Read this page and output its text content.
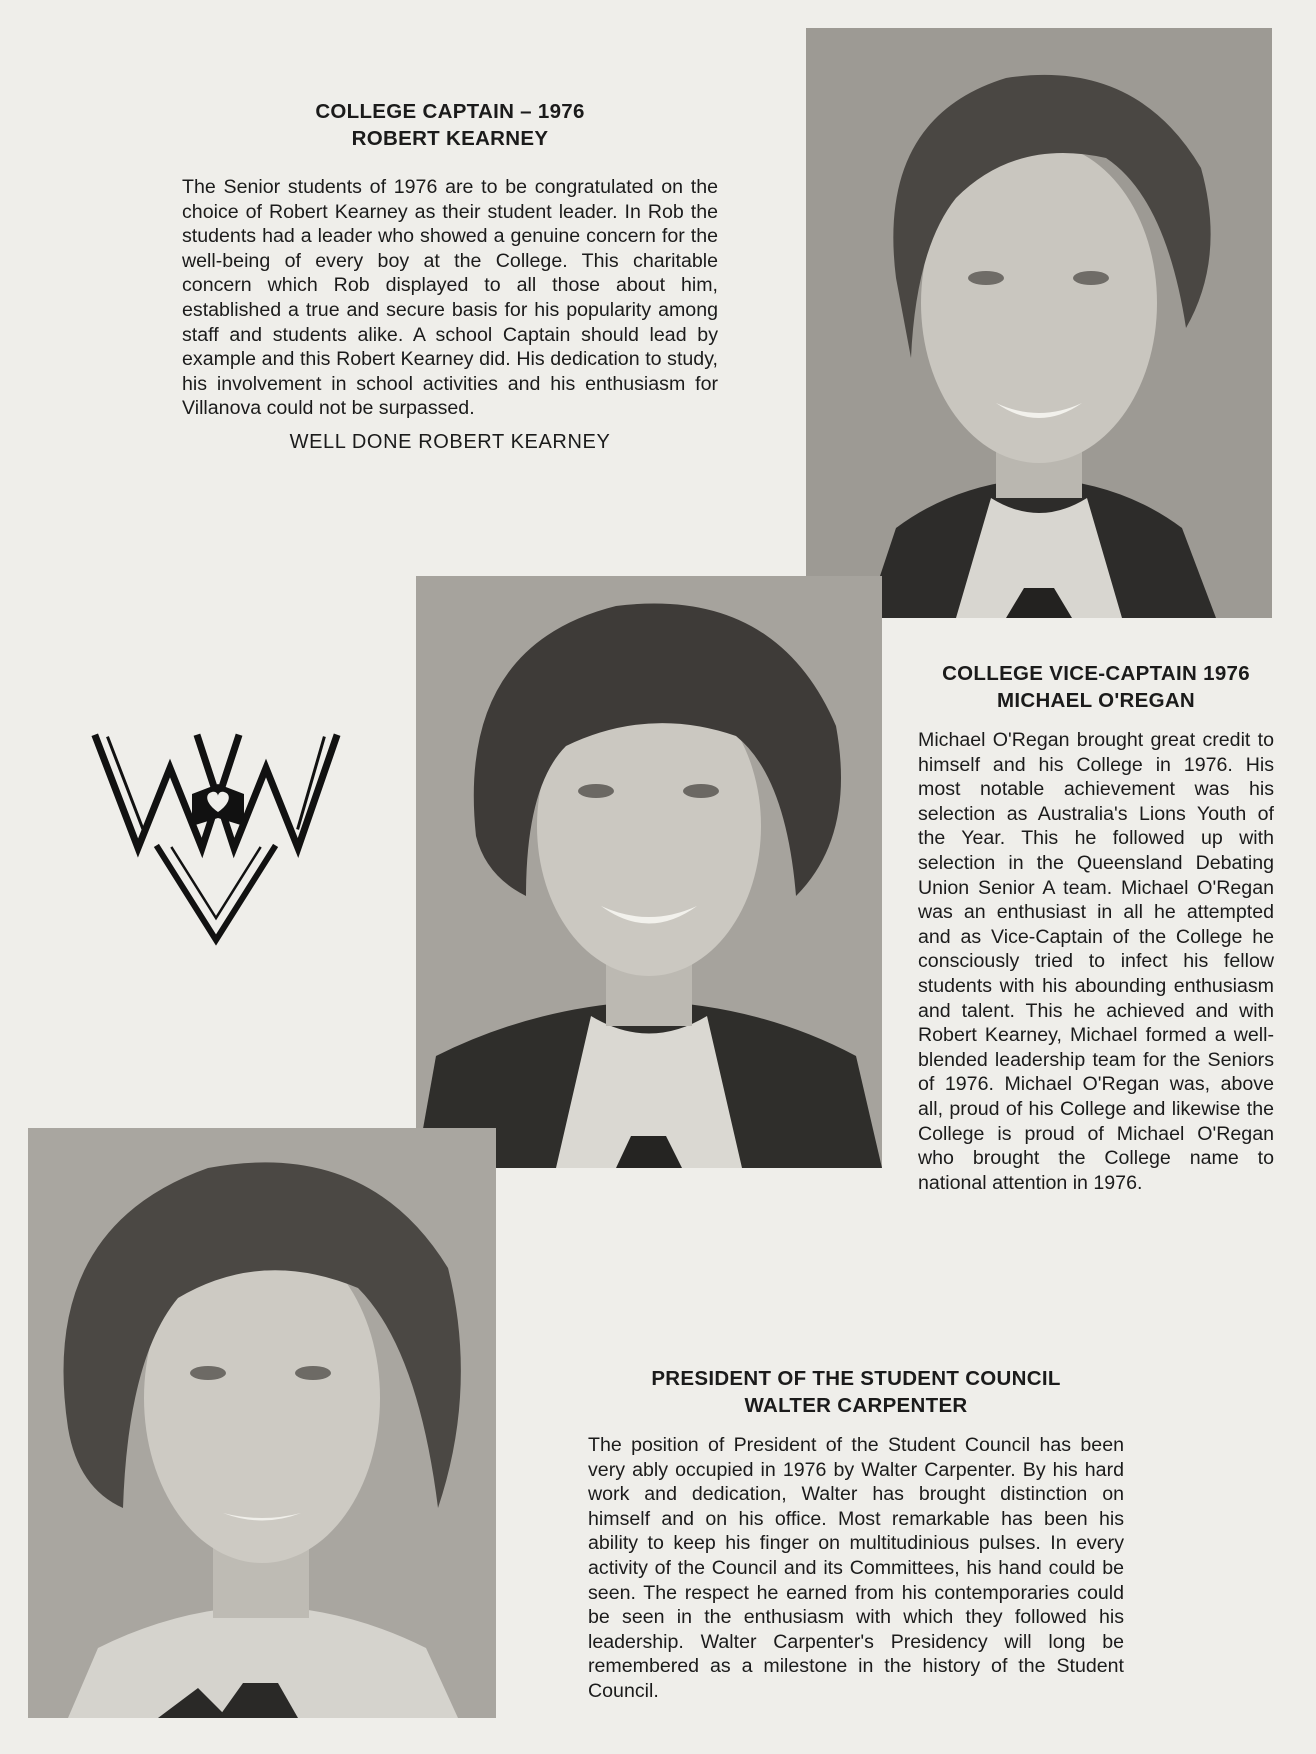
COLLEGE CAPTAIN – 1976

ROBERT KEARNEY

The Senior students of 1976 are to be congratulated on the choice of Robert Kearney as their student leader. In Rob the students had a leader who showed a genuine concern for the well-being of every boy at the College. This charitable concern which Rob displayed to all those about him, established a true and secure basis for his popularity among staff and students alike. A school Captain should lead by example and this Robert Kearney did. His dedication to study, his involvement in school activities and his enthusiasm for Villanova could not be surpassed.

WELL DONE ROBERT KEARNEY

COLLEGE VICE-CAPTAIN 1976

MICHAEL O'REGAN

Michael O'Regan brought great credit to himself and his College in 1976. His most notable achievement was his selection as Australia's Lions Youth of the Year. This he followed up with selection in the Queensland Debating Union Senior A team. Michael O'Regan was an enthusiast in all he attempted and as Vice-Captain of the College he consciously tried to infect his fellow students with his abounding enthusiasm and talent. This he achieved and with Robert Kearney, Michael formed a well-blended leadership team for the Seniors of 1976. Michael O'Regan was, above all, proud of his College and likewise the College is proud of Michael O'Regan who brought the College name to national attention in 1976.

PRESIDENT OF THE STUDENT COUNCIL

WALTER CARPENTER

The position of President of the Student Council has been very ably occupied in 1976 by Walter Carpenter. By his hard work and dedication, Walter has brought distinction on himself and on his office. Most remarkable has been his ability to keep his finger on multitudinious pulses. In every activity of the Council and its Committees, his hand could be seen. The respect he earned from his contemporaries could be seen in the enthusiasm with which they followed his leadership. Walter Carpenter's Presidency will long be remembered as a milestone in the history of the Student Council.
